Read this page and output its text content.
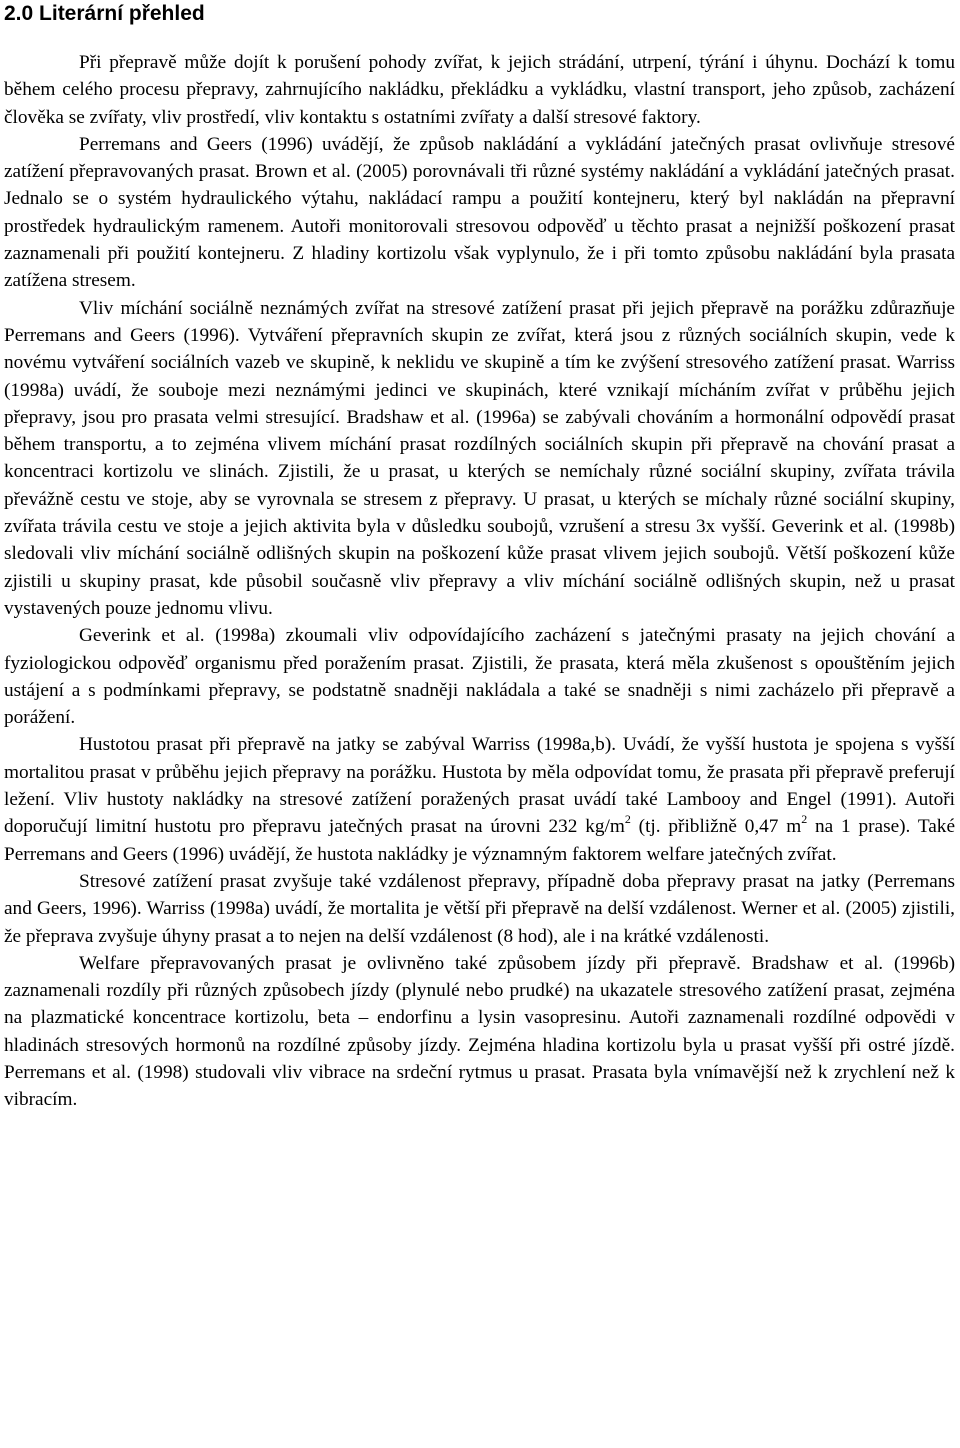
2.0 Literární přehled

Při přepravě může dojít k porušení pohody zvířat, k jejich strádání, utrpení, týrání i úhynu. Dochází k tomu během celého procesu přepravy, zahrnujícího nakládku, překládku a vykládku, vlastní transport, jeho způsob, zacházení člověka se zvířaty, vliv prostředí, vliv kontaktu s ostatními zvířaty a další stresové faktory.

Perremans and Geers (1996) uvádějí, že způsob nakládání a vykládání jatečných prasat ovlivňuje stresové zatížení přepravovaných prasat. Brown et al. (2005) porovnávali tři různé systémy nakládání a vykládání jatečných prasat. Jednalo se o systém hydraulického výtahu, nakládací rampu a použití kontejneru, který byl nakládán na přepravní prostředek hydraulickým ramenem. Autoři monitorovali stresovou odpověď u těchto prasat a nejnižší poškození prasat zaznamenali při použití kontejneru. Z hladiny kortizolu však vyplynulo, že i při tomto způsobu nakládání byla prasata zatížena stresem.

Vliv míchání sociálně neznámých zvířat na stresové zatížení prasat při jejich přepravě na porážku zdůrazňuje Perremans and Geers (1996). Vytváření přepravních skupin ze zvířat, která jsou z různých sociálních skupin, vede k novému vytváření sociálních vazeb ve skupině, k neklidu ve skupině a tím ke zvýšení stresového zatížení prasat. Warriss (1998a) uvádí, že souboje mezi neznámými jedinci ve skupinách, které vznikají mícháním zvířat v průběhu jejich přepravy, jsou pro prasata velmi stresující. Bradshaw et al. (1996a) se zabývali chováním a hormonální odpovědí prasat během transportu, a to zejména vlivem míchání prasat rozdílných sociálních skupin při přepravě na chování prasat a koncentraci kortizolu ve slinách. Zjistili, že u prasat, u kterých se nemíchaly různé sociální skupiny, zvířata trávila převážně cestu ve stoje, aby se vyrovnala se stresem z přepravy. U prasat, u kterých se míchaly různé sociální skupiny, zvířata trávila cestu ve stoje a jejich aktivita byla v důsledku soubojů, vzrušení a stresu 3x vyšší. Geverink et al. (1998b) sledovali vliv míchání sociálně odlišných skupin na poškození kůže prasat vlivem jejich soubojů. Větší poškození kůže zjistili u skupiny prasat, kde působil současně vliv přepravy a vliv míchání sociálně odlišných skupin, než u prasat vystavených pouze jednomu vlivu.

Geverink et al. (1998a) zkoumali vliv odpovídajícího zacházení s jatečnými prasaty na jejich chování a fyziologickou odpověď organismu před poražením prasat. Zjistili, že prasata, která měla zkušenost s opouštěním jejich ustájení a s podmínkami přepravy, se podstatně snadněji nakládala a také se snadněji s nimi zacházelo při přepravě a porážení.

Hustotou prasat při přepravě na jatky se zabýval Warriss (1998a,b). Uvádí, že vyšší hustota je spojena s vyšší mortalitou prasat v průběhu jejich přepravy na porážku. Hustota by měla odpovídat tomu, že prasata při přepravě preferují ležení. Vliv hustoty nakládky na stresové zatížení poražených prasat uvádí také Lambooy and Engel (1991). Autoři doporučují limitní hustotu pro přepravu jatečných prasat na úrovni 232 $kg/m^2$ (tj. přibližně 0,47 $m^2$ na 1 prase). Také Perremans and Geers (1996) uvádějí, že hustota nakládky je významným faktorem welfare jatečných zvířat.

Stresové zatížení prasat zvyšuje také vzdálenost přepravy, případně doba přepravy prasat na jatky (Perremans and Geers, 1996). Warriss (1998a) uvádí, že mortalita je větší při přepravě na delší vzdálenost. Werner et al. (2005) zjistili, že přeprava zvyšuje úhyny prasat a to nejen na delší vzdálenost (8 hod), ale i na krátké vzdálenosti.

Welfare přepravovaných prasat je ovlivněno také způsobem jízdy při přepravě. Bradshaw et al. (1996b) zaznamenali rozdíly při různých způsobech jízdy (plynulé nebo prudké) na ukazatele stresového zatížení prasat, zejména na plazmatické koncentrace kortizolu, beta – endorfinu a lysin vasopresinu. Autoři zaznamenali rozdílné odpovědi v hladinách stresových hormonů na rozdílné způsoby jízdy. Zejména hladina kortizolu byla u prasat vyšší při ostré jízdě. Perremans et al. (1998) studovali vliv vibrace na srdeční rytmus u prasat. Prasata byla vnímavější než k zrychlení než k vibracím.
